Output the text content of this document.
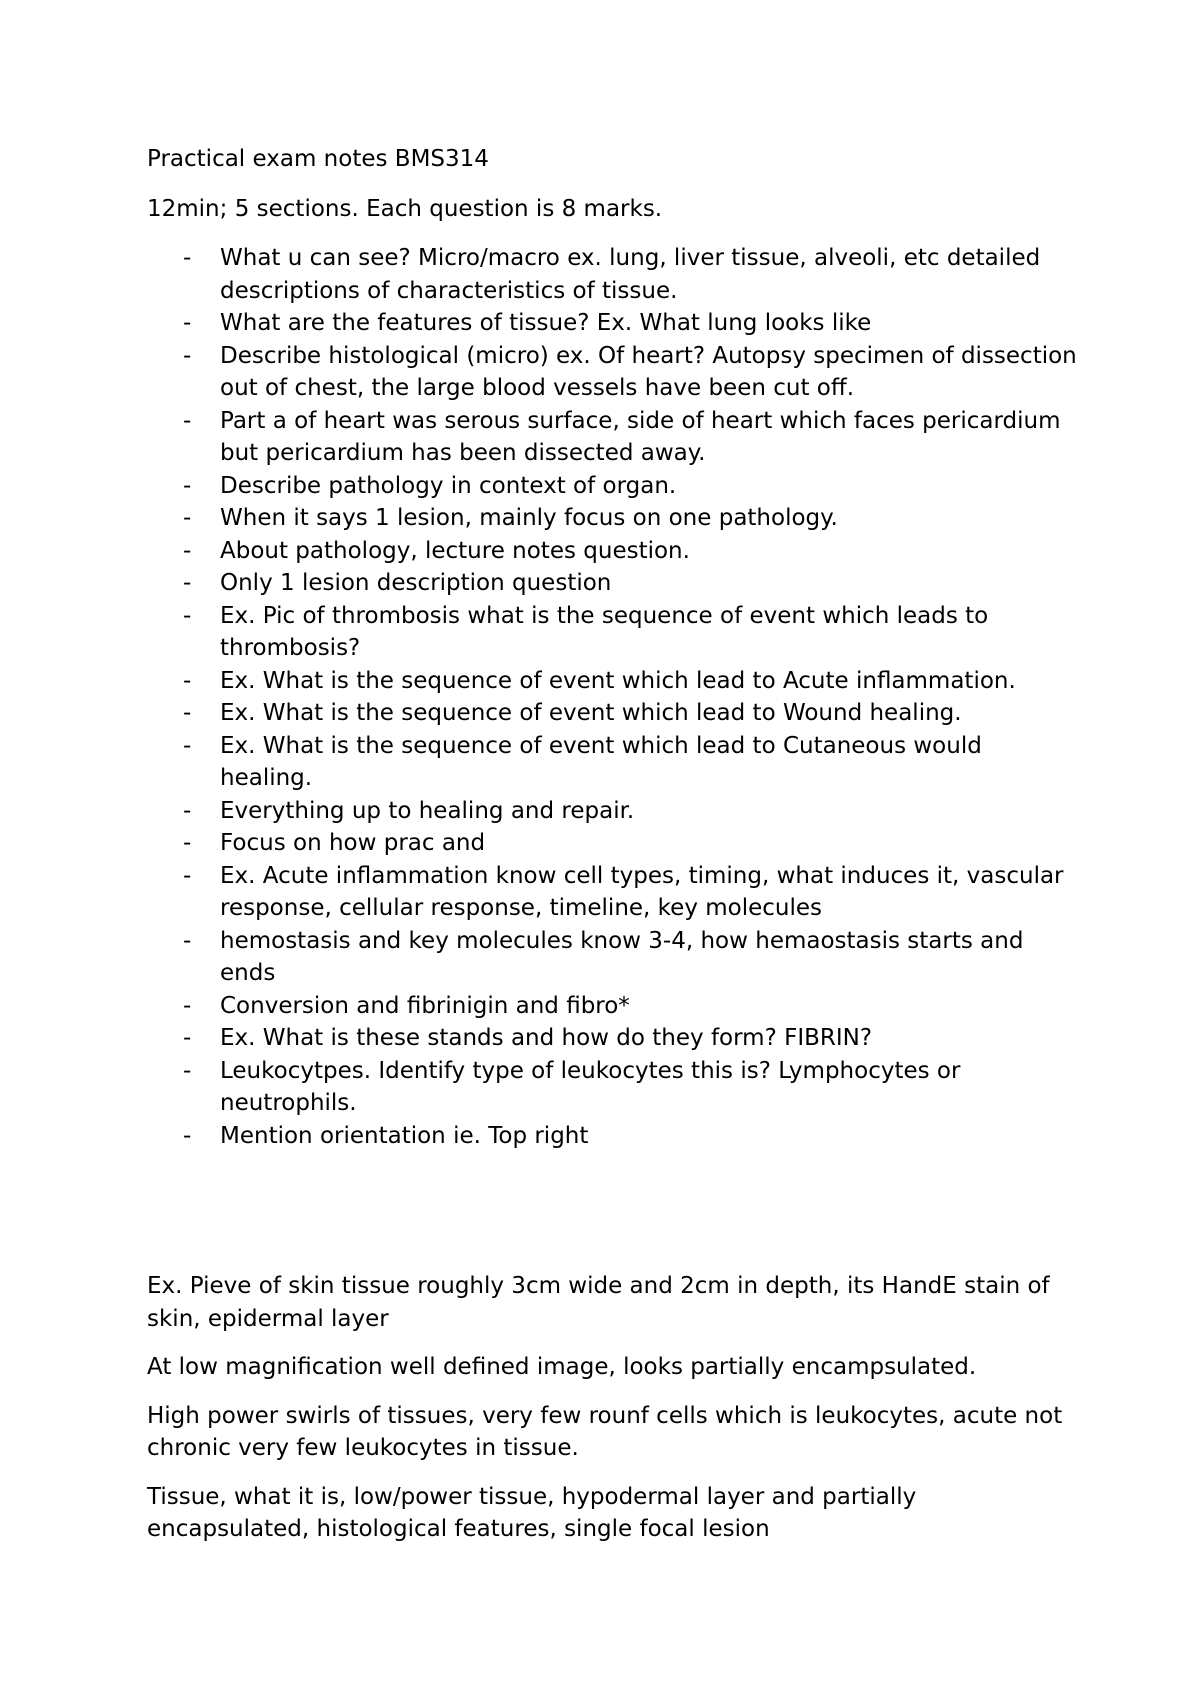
Practical exam notes BMS314

12min; 5 sections. Each question is 8 marks.

- What u can see? Micro/macro ex. lung, liver tissue, alveoli, etc detailed descriptions of characteristics of tissue.
- What are the features of tissue? Ex. What lung looks like
- Describe histological (micro) ex. Of heart? Autopsy specimen of dissection out of chest, the large blood vessels have been cut off.
- Part a of heart was serous surface, side of heart which faces pericardium but pericardium has been dissected away.
- Describe pathology in context of organ.
- When it says 1 lesion, mainly focus on one pathology.
- About pathology, lecture notes question.
- Only 1 lesion description question
- Ex. Pic of thrombosis what is the sequence of event which leads to thrombosis?
- Ex. What is the sequence of event which lead to Acute inflammation.
- Ex. What is the sequence of event which lead to Wound healing.
- Ex. What is the sequence of event which lead to Cutaneous would healing.
- Everything up to healing and repair.
- Focus on how prac and
- Ex. Acute inflammation know cell types, timing, what induces it, vascular response, cellular response, timeline, key molecules
- hemostasis and key molecules know 3-4, how hemaostasis starts and ends
- Conversion and fibrinigin and fibro*
- Ex. What is these stands and how do they form? FIBRIN?
- Leukocytpes. Identify type of leukocytes this is? Lymphocytes or neutrophils.
- Mention orientation ie. Top right

Ex. Pieve of skin tissue roughly 3cm wide and 2cm in depth, its HandE stain of skin, epidermal layer

At low magnification well defined image, looks partially encampsulated.

High power swirls of tissues, very few rounf cells which is leukocytes, acute not chronic very few leukocytes in tissue.

Tissue, what it is, low/power tissue, hypodermal layer and partially encapsulated, histological features, single focal lesion
